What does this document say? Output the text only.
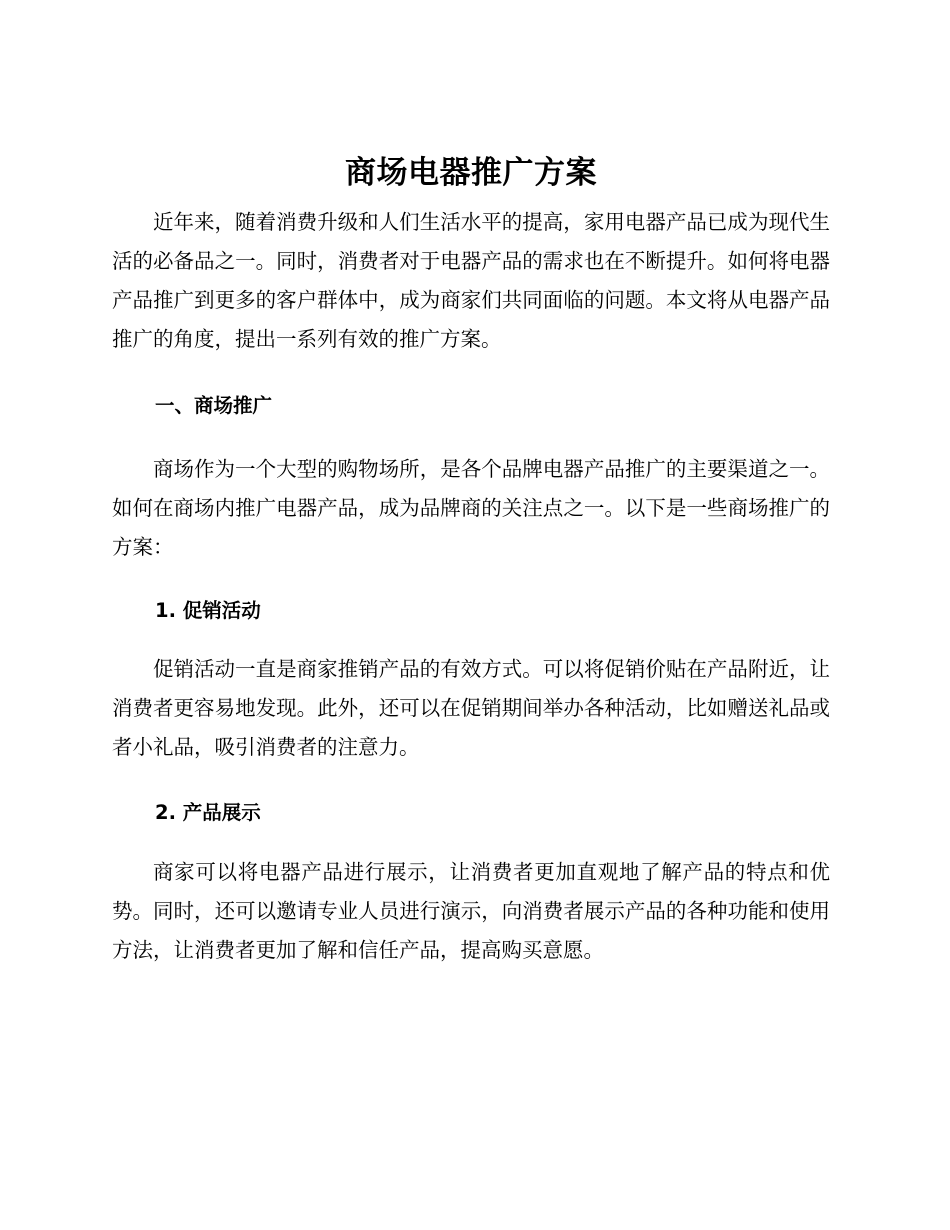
商场电器推广方案

近年来，随着消费升级和人们生活水平的提高，家用电器产品已成为现代生活的必备品之一。同时，消费者对于电器产品的需求也在不断提升。如何将电器产品推广到更多的客户群体中，成为商家们共同面临的问题。本文将从电器产品推广的角度，提出一系列有效的推广方案。

一、商场推广

商场作为一个大型的购物场所，是各个品牌电器产品推广的主要渠道之一。如何在商场内推广电器产品，成为品牌商的关注点之一。以下是一些商场推广的方案：

1. 促销活动

促销活动一直是商家推销产品的有效方式。可以将促销价贴在产品附近，让消费者更容易地发现。此外，还可以在促销期间举办各种活动，比如赠送礼品或者小礼品，吸引消费者的注意力。

2. 产品展示

商家可以将电器产品进行展示，让消费者更加直观地了解产品的特点和优势。同时，还可以邀请专业人员进行演示，向消费者展示产品的各种功能和使用方法，让消费者更加了解和信任产品，提高购买意愿。
